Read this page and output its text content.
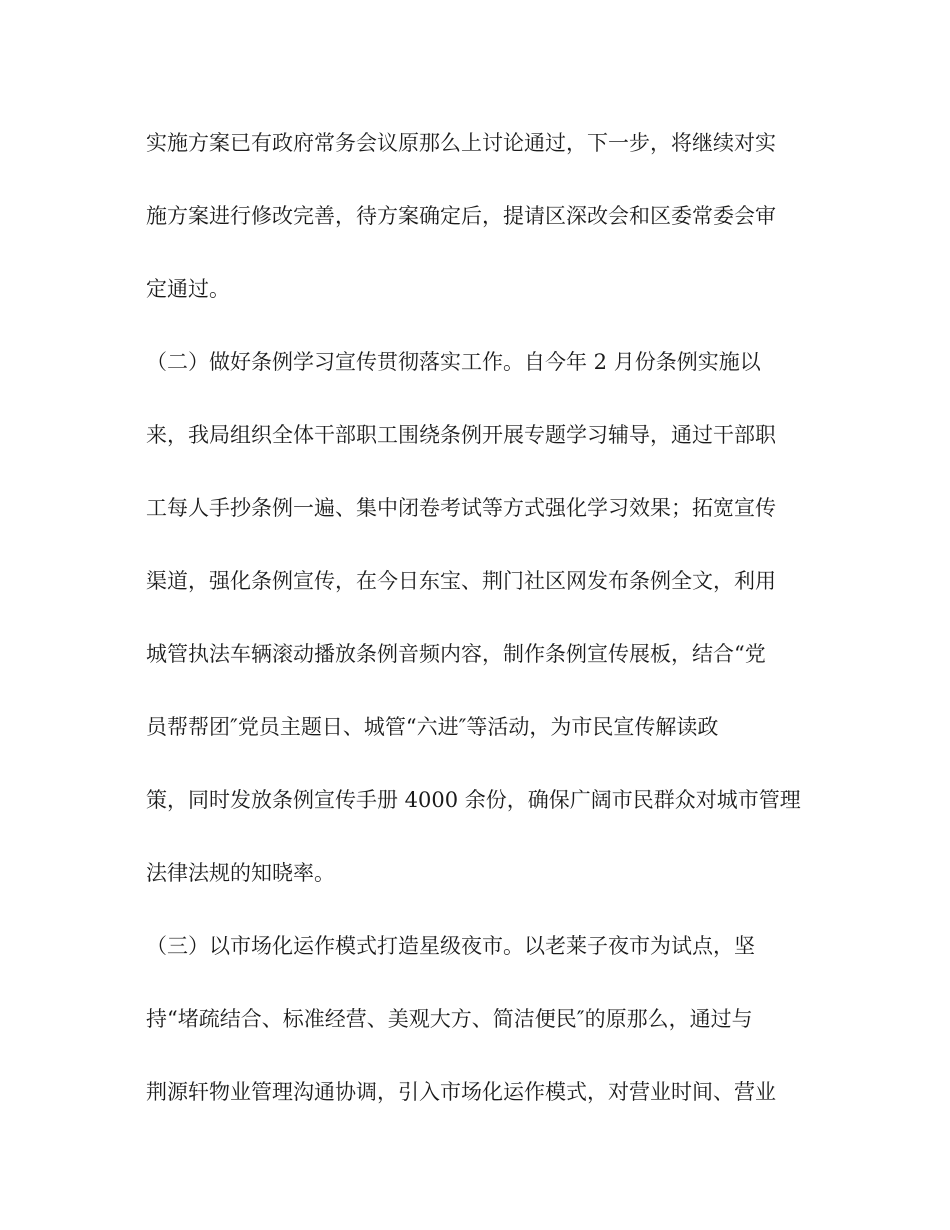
实施方案已有政府常务会议原那么上讨论通过，下一步，将继续对实

施方案进行修改完善，待方案确定后，提请区深改会和区委常委会审

定通过。

（二）做好条例学习宣传贯彻落实工作。自今年 2 月份条例实施以

来，我局组织全体干部职工围绕条例开展专题学习辅导，通过干部职

工每人手抄条例一遍、集中闭卷考试等方式强化学习效果；拓宽宣传

渠道，强化条例宣传，在今日东宝、荆门社区网发布条例全文，利用

城管执法车辆滚动播放条例音频内容，制作条例宣传展板，结合“党

员帮帮团″党员主题日、城管“六进″等活动，为市民宣传解读政

策，同时发放条例宣传手册 4000 余份，确保广阔市民群众对城市管理

法律法规的知晓率。

（三）以市场化运作模式打造星级夜市。以老莱子夜市为试点，坚

持“堵疏结合、标准经营、美观大方、简洁便民″的原那么，通过与

荆源轩物业管理沟通协调，引入市场化运作模式，对营业时间、营业
